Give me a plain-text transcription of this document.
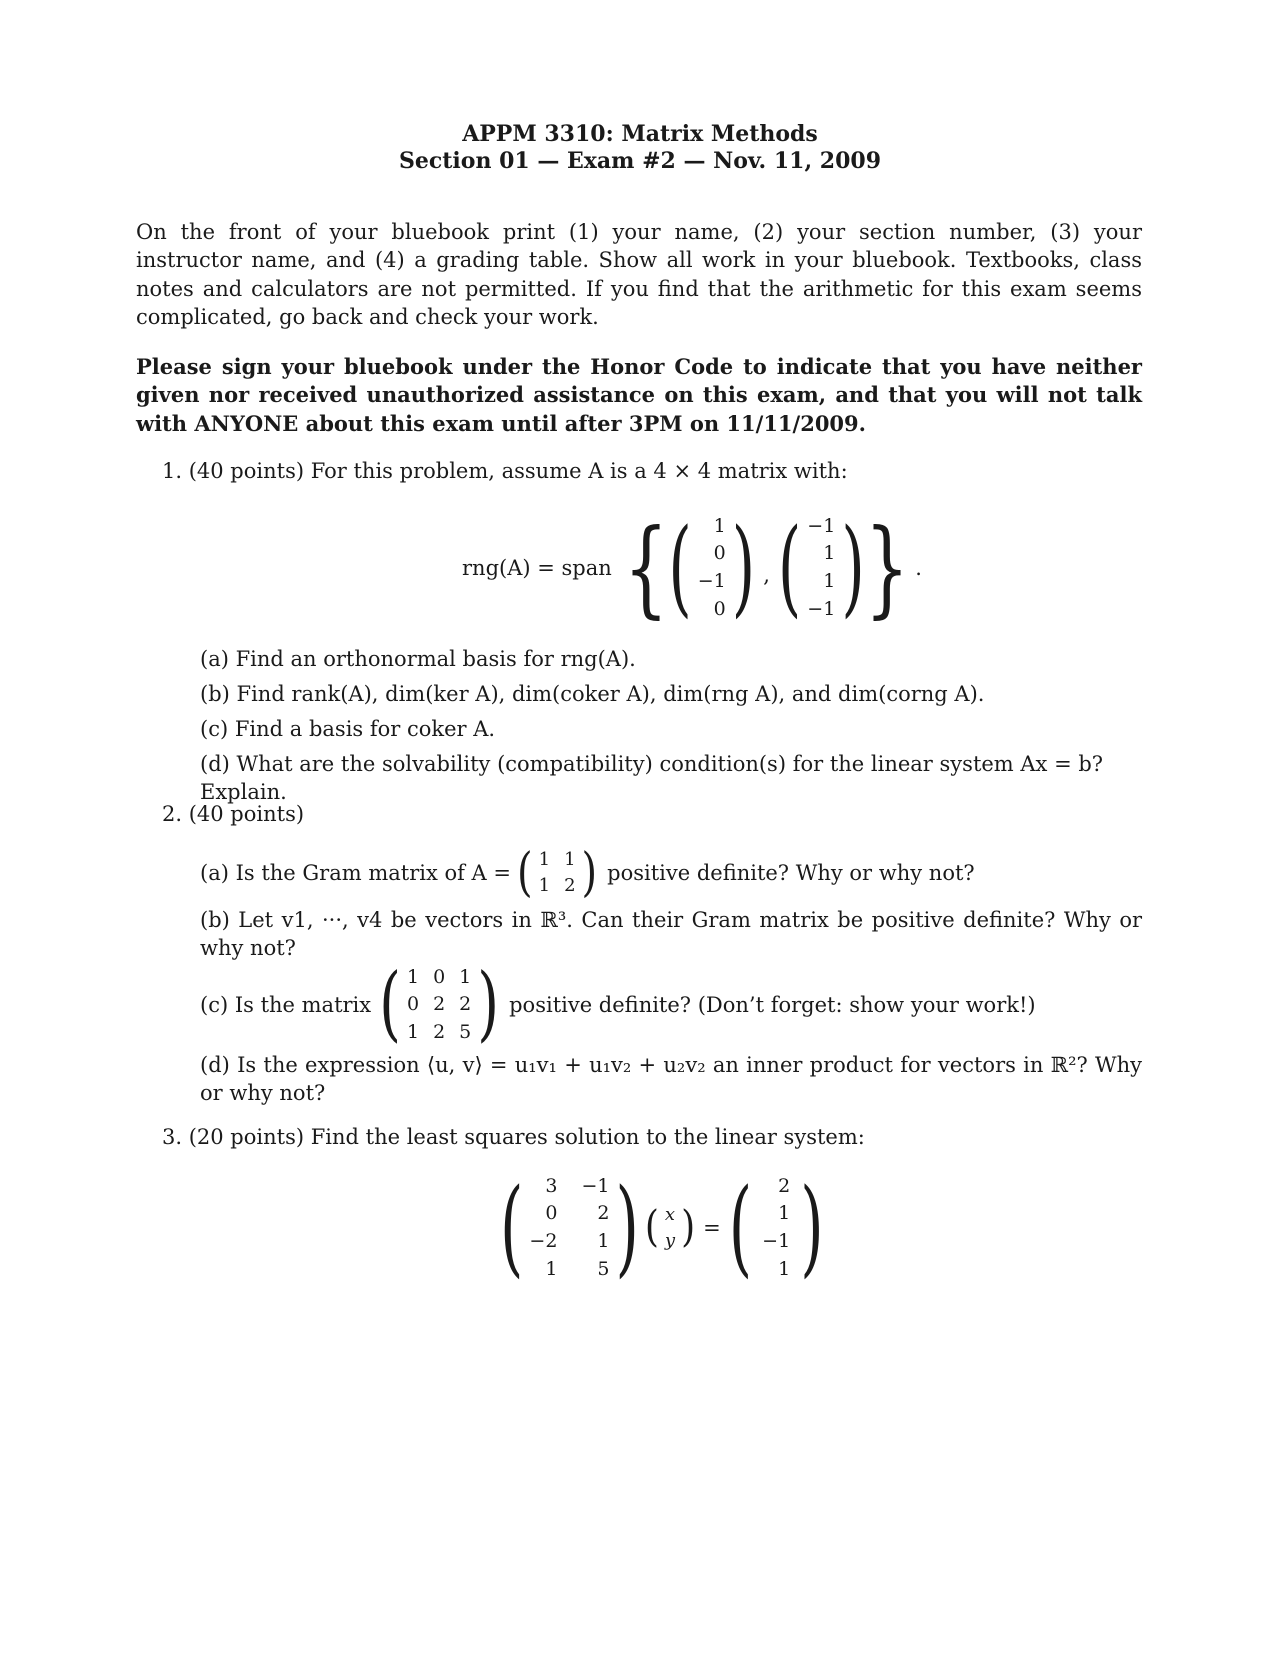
APPM 3310: Matrix Methods
Section 01 — Exam #2 — Nov. 11, 2009
On the front of your bluebook print (1) your name, (2) your section number, (3) your instructor name, and (4) a grading table. Show all work in your bluebook. Textbooks, class notes and calculators are not permitted. If you find that the arithmetic for this exam seems complicated, go back and check your work.
Please sign your bluebook under the Honor Code to indicate that you have neither given nor received unauthorized assistance on this exam, and that you will not talk with ANYONE about this exam until after 3PM on 11/11/2009.
1. (40 points) For this problem, assume A is a 4 × 4 matrix with:
rng(A) = span { ( 1
0
−1
0 ) , ( −1
1
1
−1 ) } .
(a) Find an orthonormal basis for rng(A).
(b) Find rank(A), dim(ker A), dim(coker A), dim(rng A), and dim(corng A).
(c) Find a basis for coker A.
(d) What are the solvability (compatibility) condition(s) for the linear system Ax = b? Explain.
2. (40 points)
(a) Is the Gram matrix of A = ( 1 1
1 2 ) positive definite? Why or why not?
(b) Let v1, ···, v4 be vectors in ℝ³. Can their Gram matrix be positive definite? Why or why not?
(c) Is the matrix ( 1 0 1
0 2 2
1 2 5 ) positive definite? (Don’t forget: show your work!)
(d) Is the expression ⟨u, v⟩ = u₁v₁ + u₁v₂ + u₂v₂ an inner product for vectors in ℝ²? Why or why not?
3. (20 points) Find the least squares solution to the linear system:
( 3 −1
0 2
−2 1
1 5 ) ( x
y ) = ( 2
1
−1
1 )
